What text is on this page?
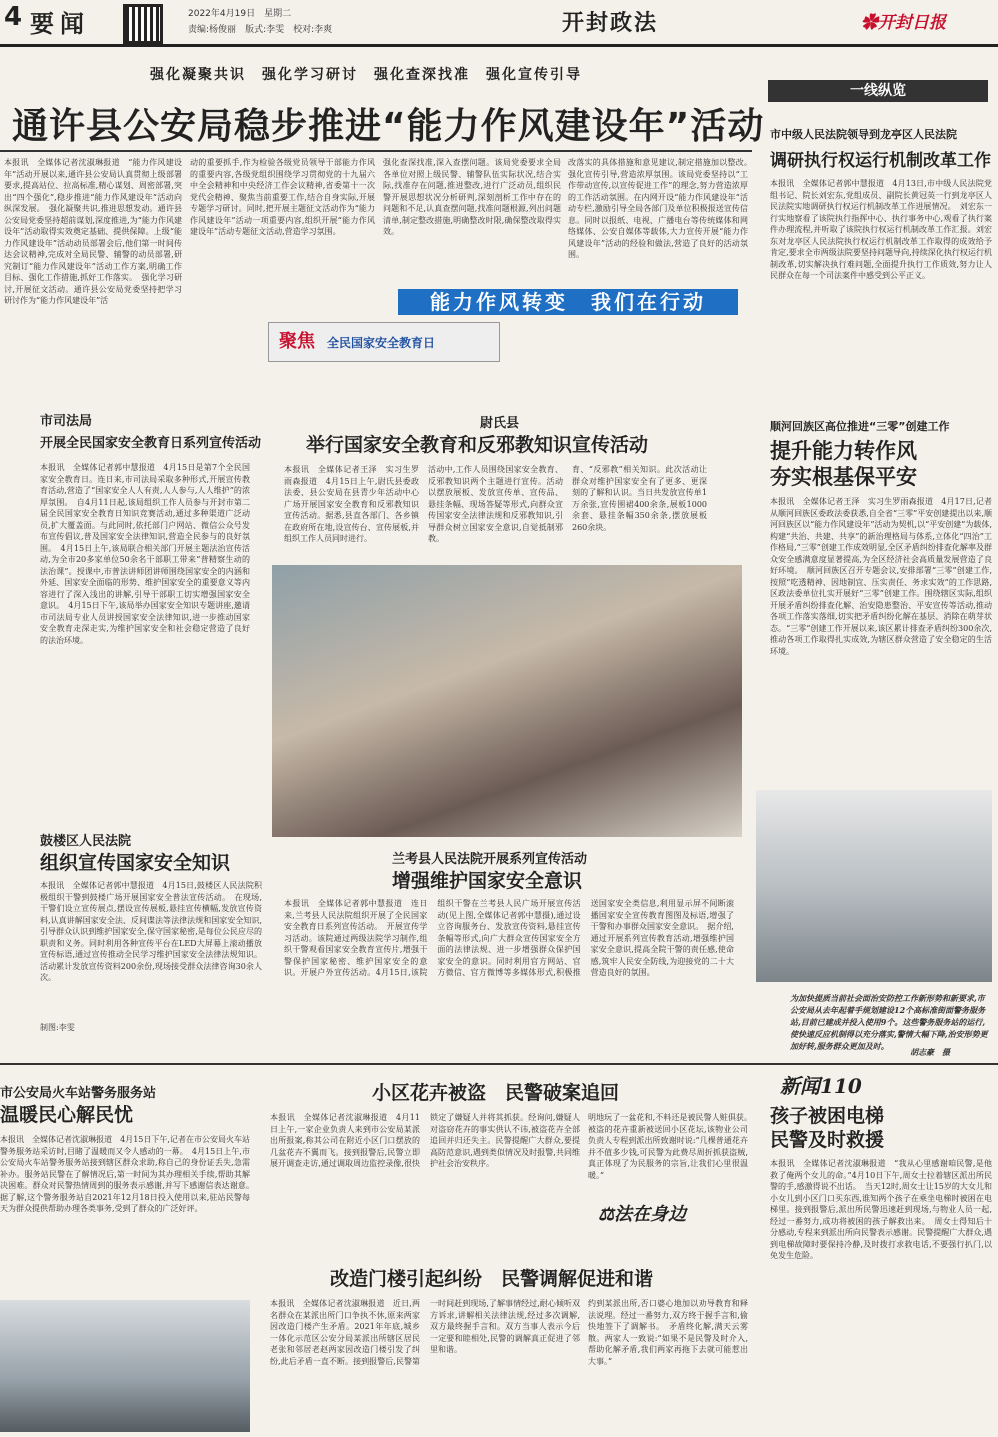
4 要闻	2022年4月19日　 星期二
责编:杨俊丽　 版式:李雯　 校对:李爽	开封政法	✿开封日报
强化凝聚共识　强化学习研讨　强化查深找准　强化宣传引导
通许县公安局稳步推进“能力作风建设年”活动
本报讯　全媒体记者沈淑琳报道　“能力作风建设年”活动开展以来,通许县公安局认真贯彻上级部署要求,提高站位、拉高标准,精心谋划、周密部署,突出“四个强化”,稳步推进“能力作风建设年”活动向纵深发展。　强化凝聚共识,推进思想发动。通许县公安局党委坚持超前谋划,深度推进,为“能力作风建设年”活动取得实效奠定基础、提供保障。上级“能力作风建设年”活动动员部署会后,他们第一时间传达会议精神,完成对全局民警、辅警的动员部署,研究制订“能力作风建设年”活动工作方案,明确工作目标、强化工作措施,抓好工作落实。　强化学习研讨,开展征文活动。通许县公安局党委坚持把学习研讨作为“能力作风建设年”活
动的重要抓手,作为检验各级党员领导干部能力作风的重要内容,各级党组织围绕学习贯彻党的十九届六中全会精神和中央经济工作会议精神,省委第十一次党代会精神、聚焦当前重要工作,结合自身实际,开展专题学习研讨。同时,把开展主题征文活动作为“能力作风建设年”活动一项重要内容,组织开展“能力作风建设年”活动专题征文活动,营造学习氛围。
强化查深找准,深入查摆问题。该局党委要求全局各单位对照上级民警、辅警队伍实际状况,结合实际,找准存在问题,推进整改,进行广泛动员,组织民警开展思想状况分析研判,深刻剖析工作中存在的问题和不足,认真查摆问题,找准问题根源,列出问题清单,制定整改措施,明确整改时限,确保整改取得实效。
改落实的具体措施和意见建议,制定措施加以整改。　强化宣传引导,营造浓厚氛围。该局党委坚持以“工作带动宣传,以宣传促进工作”的理念,努力营造浓厚的工作活动氛围。在内网开设“能力作风建设年”活动专栏,激励引导全局各部门及单位积极报送宣传信息。同时以报纸、电视、广播电台等传统媒体和网络媒体、公安自媒体等载体,大力宣传开展“能力作风建设年”活动的经验和做法,营造了良好的活动氛围。
能力作风转变　我们在行动
聚焦　 全民国家安全教育日
市司法局
开展全民国家安全教育日系列宣传活动
本报讯　全媒体记者郭中慧报道　4月15日是第7个全民国家安全教育日。连日来,市司法局采取多种形式,开展宣传教育活动,营造了“国家安全人人有责,人人参与,人人维护”的浓厚氛围。　自4月11日起,该局组织工作人员参与开封市第二届全民国家安全教育日知识竞赛活动,通过多种渠道广泛动员,扩大覆盖面。与此同时,依托部门户网站、微信公众号发布宣传倡议,普及国家安全法律知识,营造全民参与的良好氛围。　4月15日上午,该局联合相关部门开展主题法治宣传活动,为全市20多家单位50余名干部职工带来“普精察生动的法治课”。授课中,市普法讲师团讲师围绕国家安全的内涵和外延、国家安全面临的形势、维护国家安全的重要意义等内容进行了深入浅出的讲解,引导干部职工切实增强国家安全意识。　4月15日下午,该局举办国家安全知识专题讲座,邀请市司法局专业人员讲授国家安全法律知识,进一步推动国家安全教育走深走实,为维护国家安全和社会稳定营造了良好的法治环境。
尉氏县
举行国家安全教育和反邪教知识宣传活动
本报讯　全媒体记者王泽　实习生罗雨森报道　4月15日上午,尉氏县委政法委、县公安局在县青少年活动中心广场开展国家安全教育和反邪教知识宣传活动。据悉,县直各部门、各乡镇在政府所在地,设宣传台、宣传展板,并组织工作人员同时进行。
活动中,工作人员围绕国家安全教育、反邪教知识两个主题进行宣传。活动以摆放展板、发放宣传单、宣传品、悬挂条幅、现场答疑等形式,向群众宣传国家安全法律法规和反邪教知识,引导群众树立国家安全意识,自觉抵制邪教。
育、“反邪教”相关知识。此次活动让群众对维护国家安全有了更多、更深刻的了解和认识。当日共发放宣传单1万余张,宣传围裙400余条,展板1000余套、悬挂条幅350余条,摆放展板260余块。
鼓楼区人民法院
组织宣传国家安全知识
本报讯　全媒体记者郭中慧报道　4月15日,鼓楼区人民法院积极组织干警到鼓楼广场开展国家安全普法宣传活动。　在现场,干警们设立宣传展点,摆设宣传展板,悬挂宣传横幅,发放宣传资料,认真讲解国家安全法、反间谍法等法律法规和国家安全知识,引导群众认识到维护国家安全,保守国家秘密,是每位公民应尽的职责和义务。同时利用各种宣传平台在LED大屏幕上滚动播放宣传标语,通过宣传推动全民学习维护国家安全法律法规知识。活动累计发放宣传资料200余份,现场接受群众法律咨询30余人次。
制图:李雯
兰考县人民法院开展系列宣传活动
增强维护国家安全意识
本报讯　全媒体记者郭中慧报道　连日来,兰考县人民法院组织开展了全民国家安全教育日系列宣传活动。　开展宣传学习活动。该院通过两级法院学习制作,组织干警观看国家安全教育宣传片,增强干警保护国家秘密、维护国家安全的意识。开展户外宣传活动。4月15日,该院组织干警在兰考县人民广场开展宣传活动(见上图,全媒体记者郭中慧摄),通过设立咨询服务台、发放宣传资料,悬挂宣传条幅等形式,向广大群众宣传国家安全方面的法律法规、进一步增强群众保护国家安全的意识。同时利用官方网站、官方微信、官方微博等多媒体形式,积极推送国家安全类信息,利用显示屏不间断滚播国家安全宣传教育图图及标语,增强了干警和办事群众国家安全意识。　据介绍,通过开展系列宣传教育活动,增强维护国家安全意识,提高全院干警的责任感,使命感,筑牢人民安全防线,为迎接党的二十大营造良好的氛围。
一线纵览
市中级人民法院领导到龙亭区人民法院
调研执行权运行机制改革工作
本报讯　全媒体记者郭中慧报道　4月13日,市中级人民法院党组书记、院长刘宏东,党组成员、副院长黄冠英一行到龙亭区人民法院实地调研执行权运行机制改革工作进展情况。　刘宏东一行实地察看了该院执行指挥中心、执行事务中心,观看了执行案件办理流程,并听取了该院执行权运行机制改革工作汇报。刘宏东对龙亭区人民法院执行权运行机制改革工作取得的成效给予肯定,要求全市两级法院要坚持问题导向,持续深化执行权运行机制改革,切实解决执行难问题,全面提升执行工作质效,努力让人民群众在每一个司法案件中感受到公平正义。
顺河回族区高位推进“三零”创建工作
提升能力转作风
夯实根基保平安
本报讯　全媒体记者王泽　实习生罗雨森报道　4月17日,记者从顺河回族区委政法委获悉,自全省“三零”平安创建提出以来,顺河回族区以“能力作风建设年”活动为契机,以“平安创建”为载体,构建“共治、共建、共享”的新治理格局与体系,立体化“四治”工作格局,“三零”创建工作成效明显,全区矛盾纠纷排查化解率及群众安全感满意度显著提高,为全区经济社会高质量发展营造了良好环境。　顺河回族区召开专题会议,安排部署“三零”创建工作,按照“吃透精神、因地制宜、压实责任、务求实效”的工作思路,区政法委单位扎实开展好“三零”创建工作。围绕辖区实际,组织开展矛盾纠纷排查化解、治安隐患整治、平安宣传等活动,推动各项工作落实落细,切实把矛盾纠纷化解在基层、消除在萌芽状态。“三零”创建工作开展以来,该区累计排查矛盾纠纷300余次,推动各项工作取得扎实成效,为辖区群众营造了安全稳定的生活环境。
为加快提质当前社会面治安防控工作新形势和新要求,市公安局从去年起着手规划建设12个高标准街面警务服务站,目前已建成并投入使用9个。这些警务服务站的运行,使快速反应机制得以充分落实,警情大幅下降,治安形势更加好转,服务群众更加及时。
胡志豪　摄
市公安局火车站警务服务站
温暖民心解民忧
本报讯　全媒体记者沈淑琳报道　4月15日下午,记者在市公安局火车站警务服务站采访时,目睹了温暖而又令人感动的一幕。　4月15日上午,市公安局火车站警务服务站接到辖区群众求助,称自己的身份证丢失,急需补办。服务站民警在了解情况后,第一时间为其办理相关手续,帮助其解决困难。群众对民警热情周到的服务表示感谢,并写下感谢信表达谢意。　据了解,这个警务服务站自2021年12月18日投入使用以来,驻站民警每天为群众提供帮助办理各类事务,受到了群众的广泛好评。
小区花卉被盗　民警破案追回
本报讯　全媒体记者沈淑琳报道　4月11日上午,一家企业负责人来到市公安局某派出所报案,称其公司在附近小区门口摆放的几盆花卉不翼而飞。接到报警后,民警立即展开调查走访,通过调取周边监控录像,很快锁定了嫌疑人并将其抓获。经询问,嫌疑人对盗窃花卉的事实供认不讳,被盗花卉全部追回并归还失主。民警提醒广大群众,要提高防范意识,遇到类似情况及时报警,共同维护社会治安秩序。
明地玩了一盆花和,不料还是被民警人赃俱获。　被盗的花卉重新被送回小区花坛,该物业公司负责人专程到派出所致谢时说:“几棵普通花卉并不值多少钱,可民警为此费尽周折抓获盗贼,真正体现了为民服务的宗旨,让我们心里很温暖。”
⚖法在身边
改造门楼引起纠纷　民警调解促进和谐
本报讯　全媒体记者沈淑琳报道　近日,两名群众在某派出所门口争执不休,原来两家因改造门楼产生矛盾。2021年年底,城乡一体化示范区公安分局某派出所辖区居民老张和邻居老赵两家因改造门楼引发了纠纷,此后矛盾一直不断。接到报警后,民警第一时间赶到现场,了解事情经过,耐心倾听双方诉求,讲解相关法律法规,经过多次调解,双方最终握手言和。双方当事人表示今后一定要和睦相处,民警的调解真正促进了邻里和谐。
约到某派出所,否口婆心地加以劝导教育和释法说理。经过一番努力,双方终于握手言和,偷快地签下了调解书。　矛盾终化解,满天云雾散。两家人一致说:“如果不是民警及时介入,帮助化解矛盾,我们两家再拖下去就可能惹出大事。”
新闻110
孩子被困电梯
民警及时救援
本报讯　全媒体记者沈淑琳报道　“我从心里感谢咱民警,是他救了俺两个女儿的命。”4月10日下午,周女士拉着辖区派出所民警的手,感激得说不出话。　当天12时,周女士让15岁的大女儿和小女儿到小区门口买东西,谁知两个孩子在乘坐电梯时被困在电梯里。接到报警后,派出所民警迅速赶到现场,与物业人员一起,经过一番努力,成功将被困的孩子解救出来。　周女士得知后十分感动,专程来到派出所向民警表示感谢。民警提醒广大群众,遇到电梯故障时要保持冷静,及时拨打求救电话,不要强行扒门,以免发生危险。
